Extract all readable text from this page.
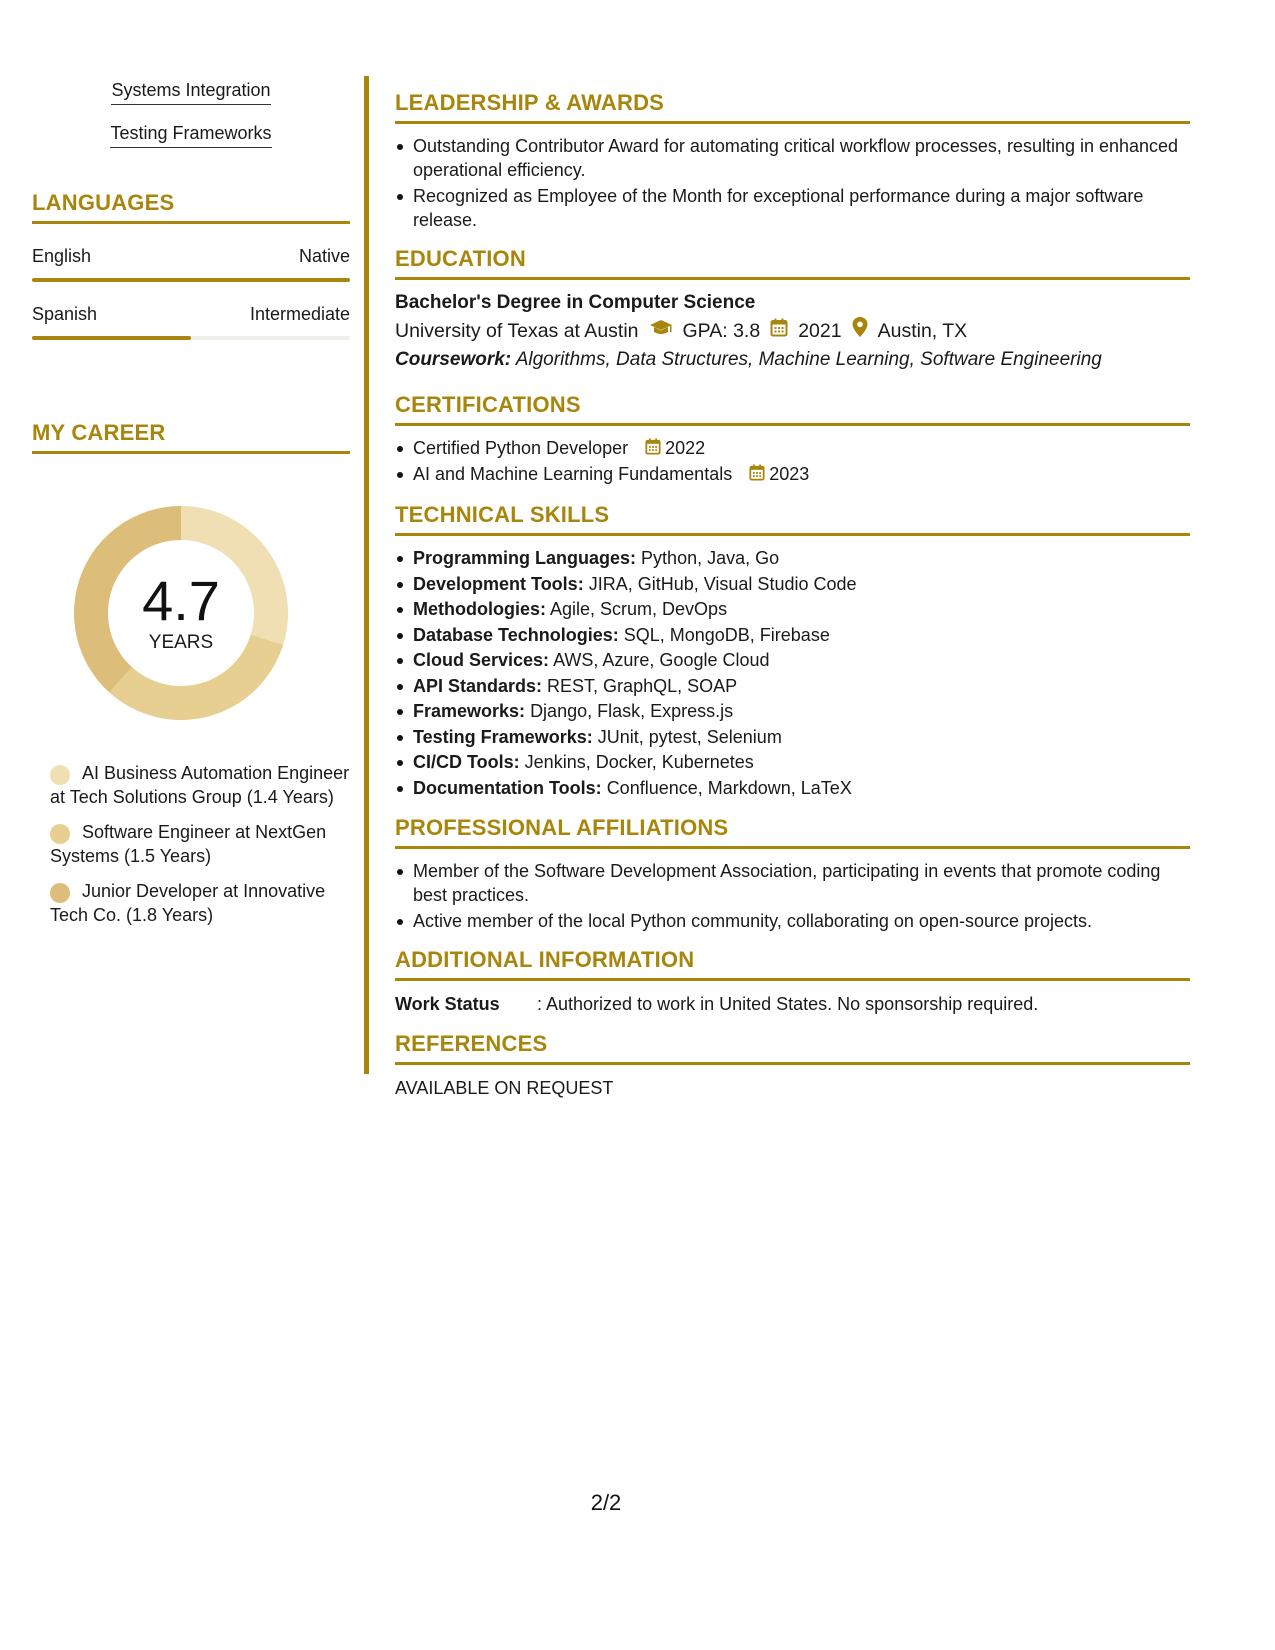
Systems Integration
Testing Frameworks
LANGUAGES
English	Native
Spanish	Intermediate
MY CAREER
4.7
YEARS
AI Business Automation Engineer at Tech Solutions Group (1.4 Years)
Software Engineer at NextGen Systems (1.5 Years)
Junior Developer at Innovative Tech Co. (1.8 Years)
LEADERSHIP & AWARDS
Outstanding Contributor Award for automating critical workflow processes, resulting in enhanced operational efficiency.
Recognized as Employee of the Month for exceptional performance during a major software release.
EDUCATION
Bachelor's Degree in Computer Science
University of Texas at Austin GPA: 3.8 2021 Austin, TX
Coursework: Algorithms, Data Structures, Machine Learning, Software Engineering
CERTIFICATIONS
Certified Python Developer 2022
AI and Machine Learning Fundamentals 2023
TECHNICAL SKILLS
Programming Languages: Python, Java, Go
Development Tools: JIRA, GitHub, Visual Studio Code
Methodologies: Agile, Scrum, DevOps
Database Technologies: SQL, MongoDB, Firebase
Cloud Services: AWS, Azure, Google Cloud
API Standards: REST, GraphQL, SOAP
Frameworks: Django, Flask, Express.js
Testing Frameworks: JUnit, pytest, Selenium
CI/CD Tools: Jenkins, Docker, Kubernetes
Documentation Tools: Confluence, Markdown, LaTeX
PROFESSIONAL AFFILIATIONS
Member of the Software Development Association, participating in events that promote coding best practices.
Active member of the local Python community, collaborating on open-source projects.
ADDITIONAL INFORMATION
Work Status	: Authorized to work in United States. No sponsorship required.
REFERENCES
AVAILABLE ON REQUEST
2/2
